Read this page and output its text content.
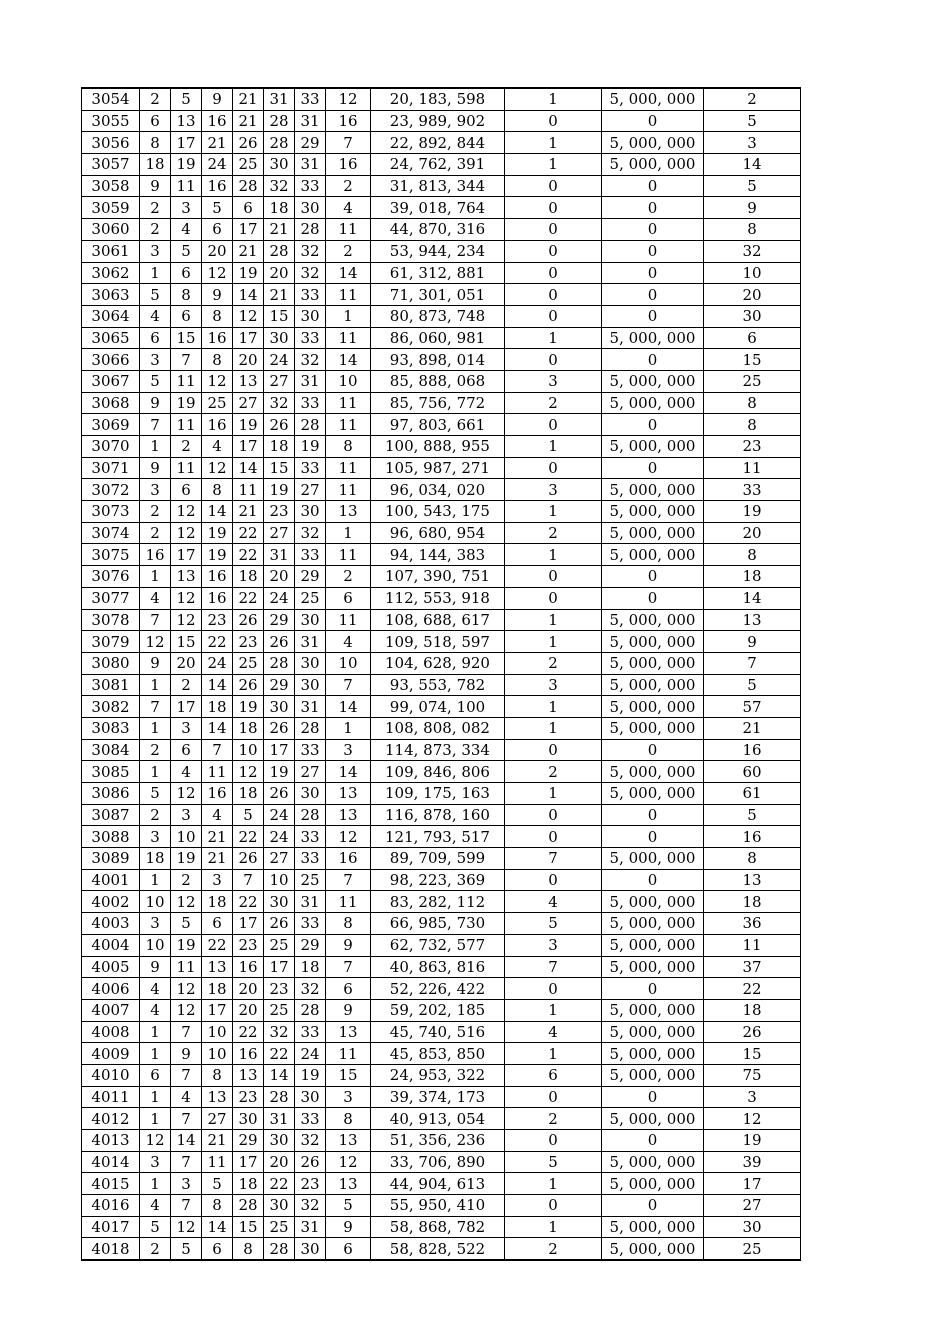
3054	2	5	9	21	31	33	12	20, 183, 598	1	5, 000, 000	2
3055	6	13	16	21	28	31	16	23, 989, 902	0	0	5
3056	8	17	21	26	28	29	7	22, 892, 844	1	5, 000, 000	3
3057	18	19	24	25	30	31	16	24, 762, 391	1	5, 000, 000	14
3058	9	11	16	28	32	33	2	31, 813, 344	0	0	5
3059	2	3	5	6	18	30	4	39, 018, 764	0	0	9
3060	2	4	6	17	21	28	11	44, 870, 316	0	0	8
3061	3	5	20	21	28	32	2	53, 944, 234	0	0	32
3062	1	6	12	19	20	32	14	61, 312, 881	0	0	10
3063	5	8	9	14	21	33	11	71, 301, 051	0	0	20
3064	4	6	8	12	15	30	1	80, 873, 748	0	0	30
3065	6	15	16	17	30	33	11	86, 060, 981	1	5, 000, 000	6
3066	3	7	8	20	24	32	14	93, 898, 014	0	0	15
3067	5	11	12	13	27	31	10	85, 888, 068	3	5, 000, 000	25
3068	9	19	25	27	32	33	11	85, 756, 772	2	5, 000, 000	8
3069	7	11	16	19	26	28	11	97, 803, 661	0	0	8
3070	1	2	4	17	18	19	8	100, 888, 955	1	5, 000, 000	23
3071	9	11	12	14	15	33	11	105, 987, 271	0	0	11
3072	3	6	8	11	19	27	11	96, 034, 020	3	5, 000, 000	33
3073	2	12	14	21	23	30	13	100, 543, 175	1	5, 000, 000	19
3074	2	12	19	22	27	32	1	96, 680, 954	2	5, 000, 000	20
3075	16	17	19	22	31	33	11	94, 144, 383	1	5, 000, 000	8
3076	1	13	16	18	20	29	2	107, 390, 751	0	0	18
3077	4	12	16	22	24	25	6	112, 553, 918	0	0	14
3078	7	12	23	26	29	30	11	108, 688, 617	1	5, 000, 000	13
3079	12	15	22	23	26	31	4	109, 518, 597	1	5, 000, 000	9
3080	9	20	24	25	28	30	10	104, 628, 920	2	5, 000, 000	7
3081	1	2	14	26	29	30	7	93, 553, 782	3	5, 000, 000	5
3082	7	17	18	19	30	31	14	99, 074, 100	1	5, 000, 000	57
3083	1	3	14	18	26	28	1	108, 808, 082	1	5, 000, 000	21
3084	2	6	7	10	17	33	3	114, 873, 334	0	0	16
3085	1	4	11	12	19	27	14	109, 846, 806	2	5, 000, 000	60
3086	5	12	16	18	26	30	13	109, 175, 163	1	5, 000, 000	61
3087	2	3	4	5	24	28	13	116, 878, 160	0	0	5
3088	3	10	21	22	24	33	12	121, 793, 517	0	0	16
3089	18	19	21	26	27	33	16	89, 709, 599	7	5, 000, 000	8
4001	1	2	3	7	10	25	7	98, 223, 369	0	0	13
4002	10	12	18	22	30	31	11	83, 282, 112	4	5, 000, 000	18
4003	3	5	6	17	26	33	8	66, 985, 730	5	5, 000, 000	36
4004	10	19	22	23	25	29	9	62, 732, 577	3	5, 000, 000	11
4005	9	11	13	16	17	18	7	40, 863, 816	7	5, 000, 000	37
4006	4	12	18	20	23	32	6	52, 226, 422	0	0	22
4007	4	12	17	20	25	28	9	59, 202, 185	1	5, 000, 000	18
4008	1	7	10	22	32	33	13	45, 740, 516	4	5, 000, 000	26
4009	1	9	10	16	22	24	11	45, 853, 850	1	5, 000, 000	15
4010	6	7	8	13	14	19	15	24, 953, 322	6	5, 000, 000	75
4011	1	4	13	23	28	30	3	39, 374, 173	0	0	3
4012	1	7	27	30	31	33	8	40, 913, 054	2	5, 000, 000	12
4013	12	14	21	29	30	32	13	51, 356, 236	0	0	19
4014	3	7	11	17	20	26	12	33, 706, 890	5	5, 000, 000	39
4015	1	3	5	18	22	23	13	44, 904, 613	1	5, 000, 000	17
4016	4	7	8	28	30	32	5	55, 950, 410	0	0	27
4017	5	12	14	15	25	31	9	58, 868, 782	1	5, 000, 000	30
4018	2	5	6	8	28	30	6	58, 828, 522	2	5, 000, 000	25
